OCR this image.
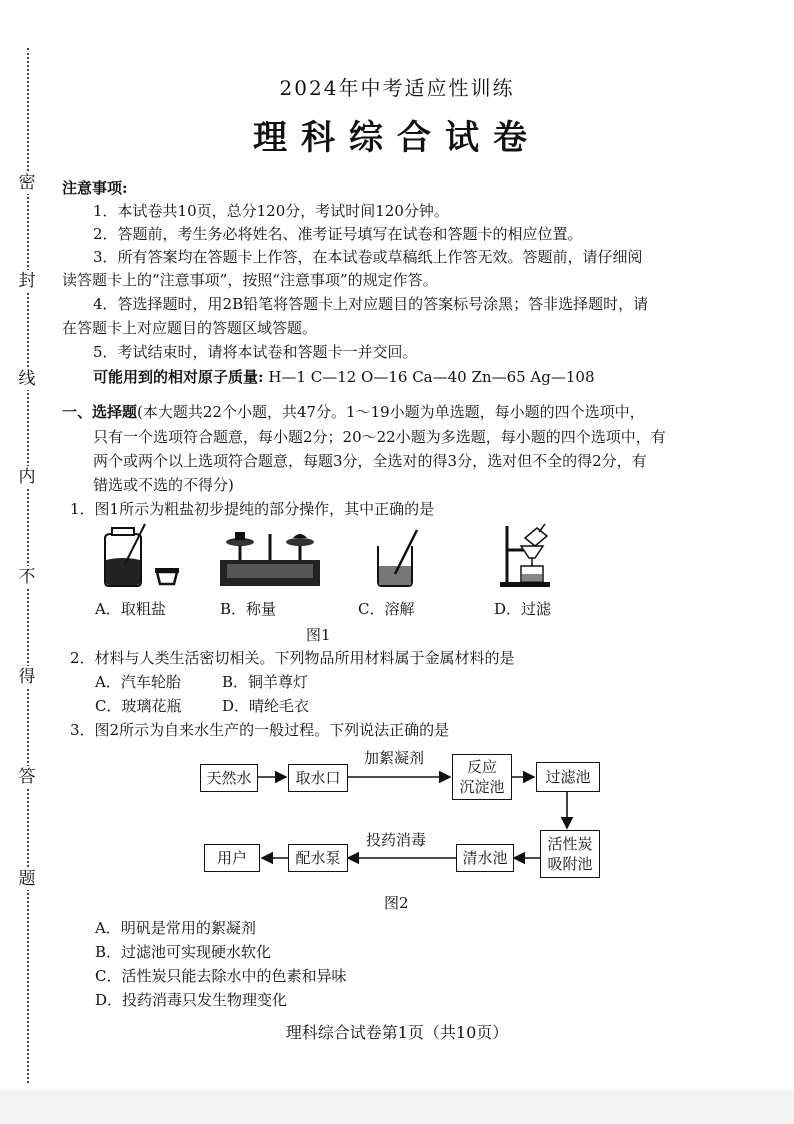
密
封
线
内
不
得
答
题
2024年中考适应性训练
理科综合试卷
注意事项:
1．本试卷共10页，总分120分，考试时间120分钟。
2．答题前，考生务必将姓名、准考证号填写在试卷和答题卡的相应位置。
3．所有答案均在答题卡上作答，在本试卷或草稿纸上作答无效。答题前，请仔细阅
读答题卡上的“注意事项”，按照“注意事项”的规定作答。
4．答选择题时，用2B铅笔将答题卡上对应题目的答案标号涂黑；答非选择题时，请
在答题卡上对应题目的答题区域答题。
5．考试结束时，请将本试卷和答题卡一并交回。
可能用到的相对原子质量: H—1 C—12 O—16 Ca—40 Zn—65 Ag—108
一、选择题(本大题共22个小题，共47分。1～19小题为单选题，每小题的四个选项中，
只有一个选项符合题意，每小题2分；20～22小题为多选题，每小题的四个选项中，有
两个或两个以上选项符合题意，每题3分，全选对的得3分，选对但不全的得2分，有
错选或不选的不得分)
1．图1所示为粗盐初步提纯的部分操作，其中正确的是
A．取粗盐	B．称量	C．溶解	D．过滤
图1
2．材料与人类生活密切相关。下列物品所用材料属于金属材料的是
A．汽车轮胎	B．铜羊尊灯
C．玻璃花瓶	D．晴纶毛衣
3．图2所示为自来水生产的一般过程。下列说法正确的是
天然水	取水口
加絮凝剂	反应
沉淀池
过滤池
活性炭
吸附池
清水池
投药消毒
配水泵
用户
图2
A．明矾是常用的絮凝剂
B．过滤池可实现硬水软化
C．活性炭只能去除水中的色素和异味
D．投药消毒只发生物理变化
理科综合试卷第1页（共10页）
